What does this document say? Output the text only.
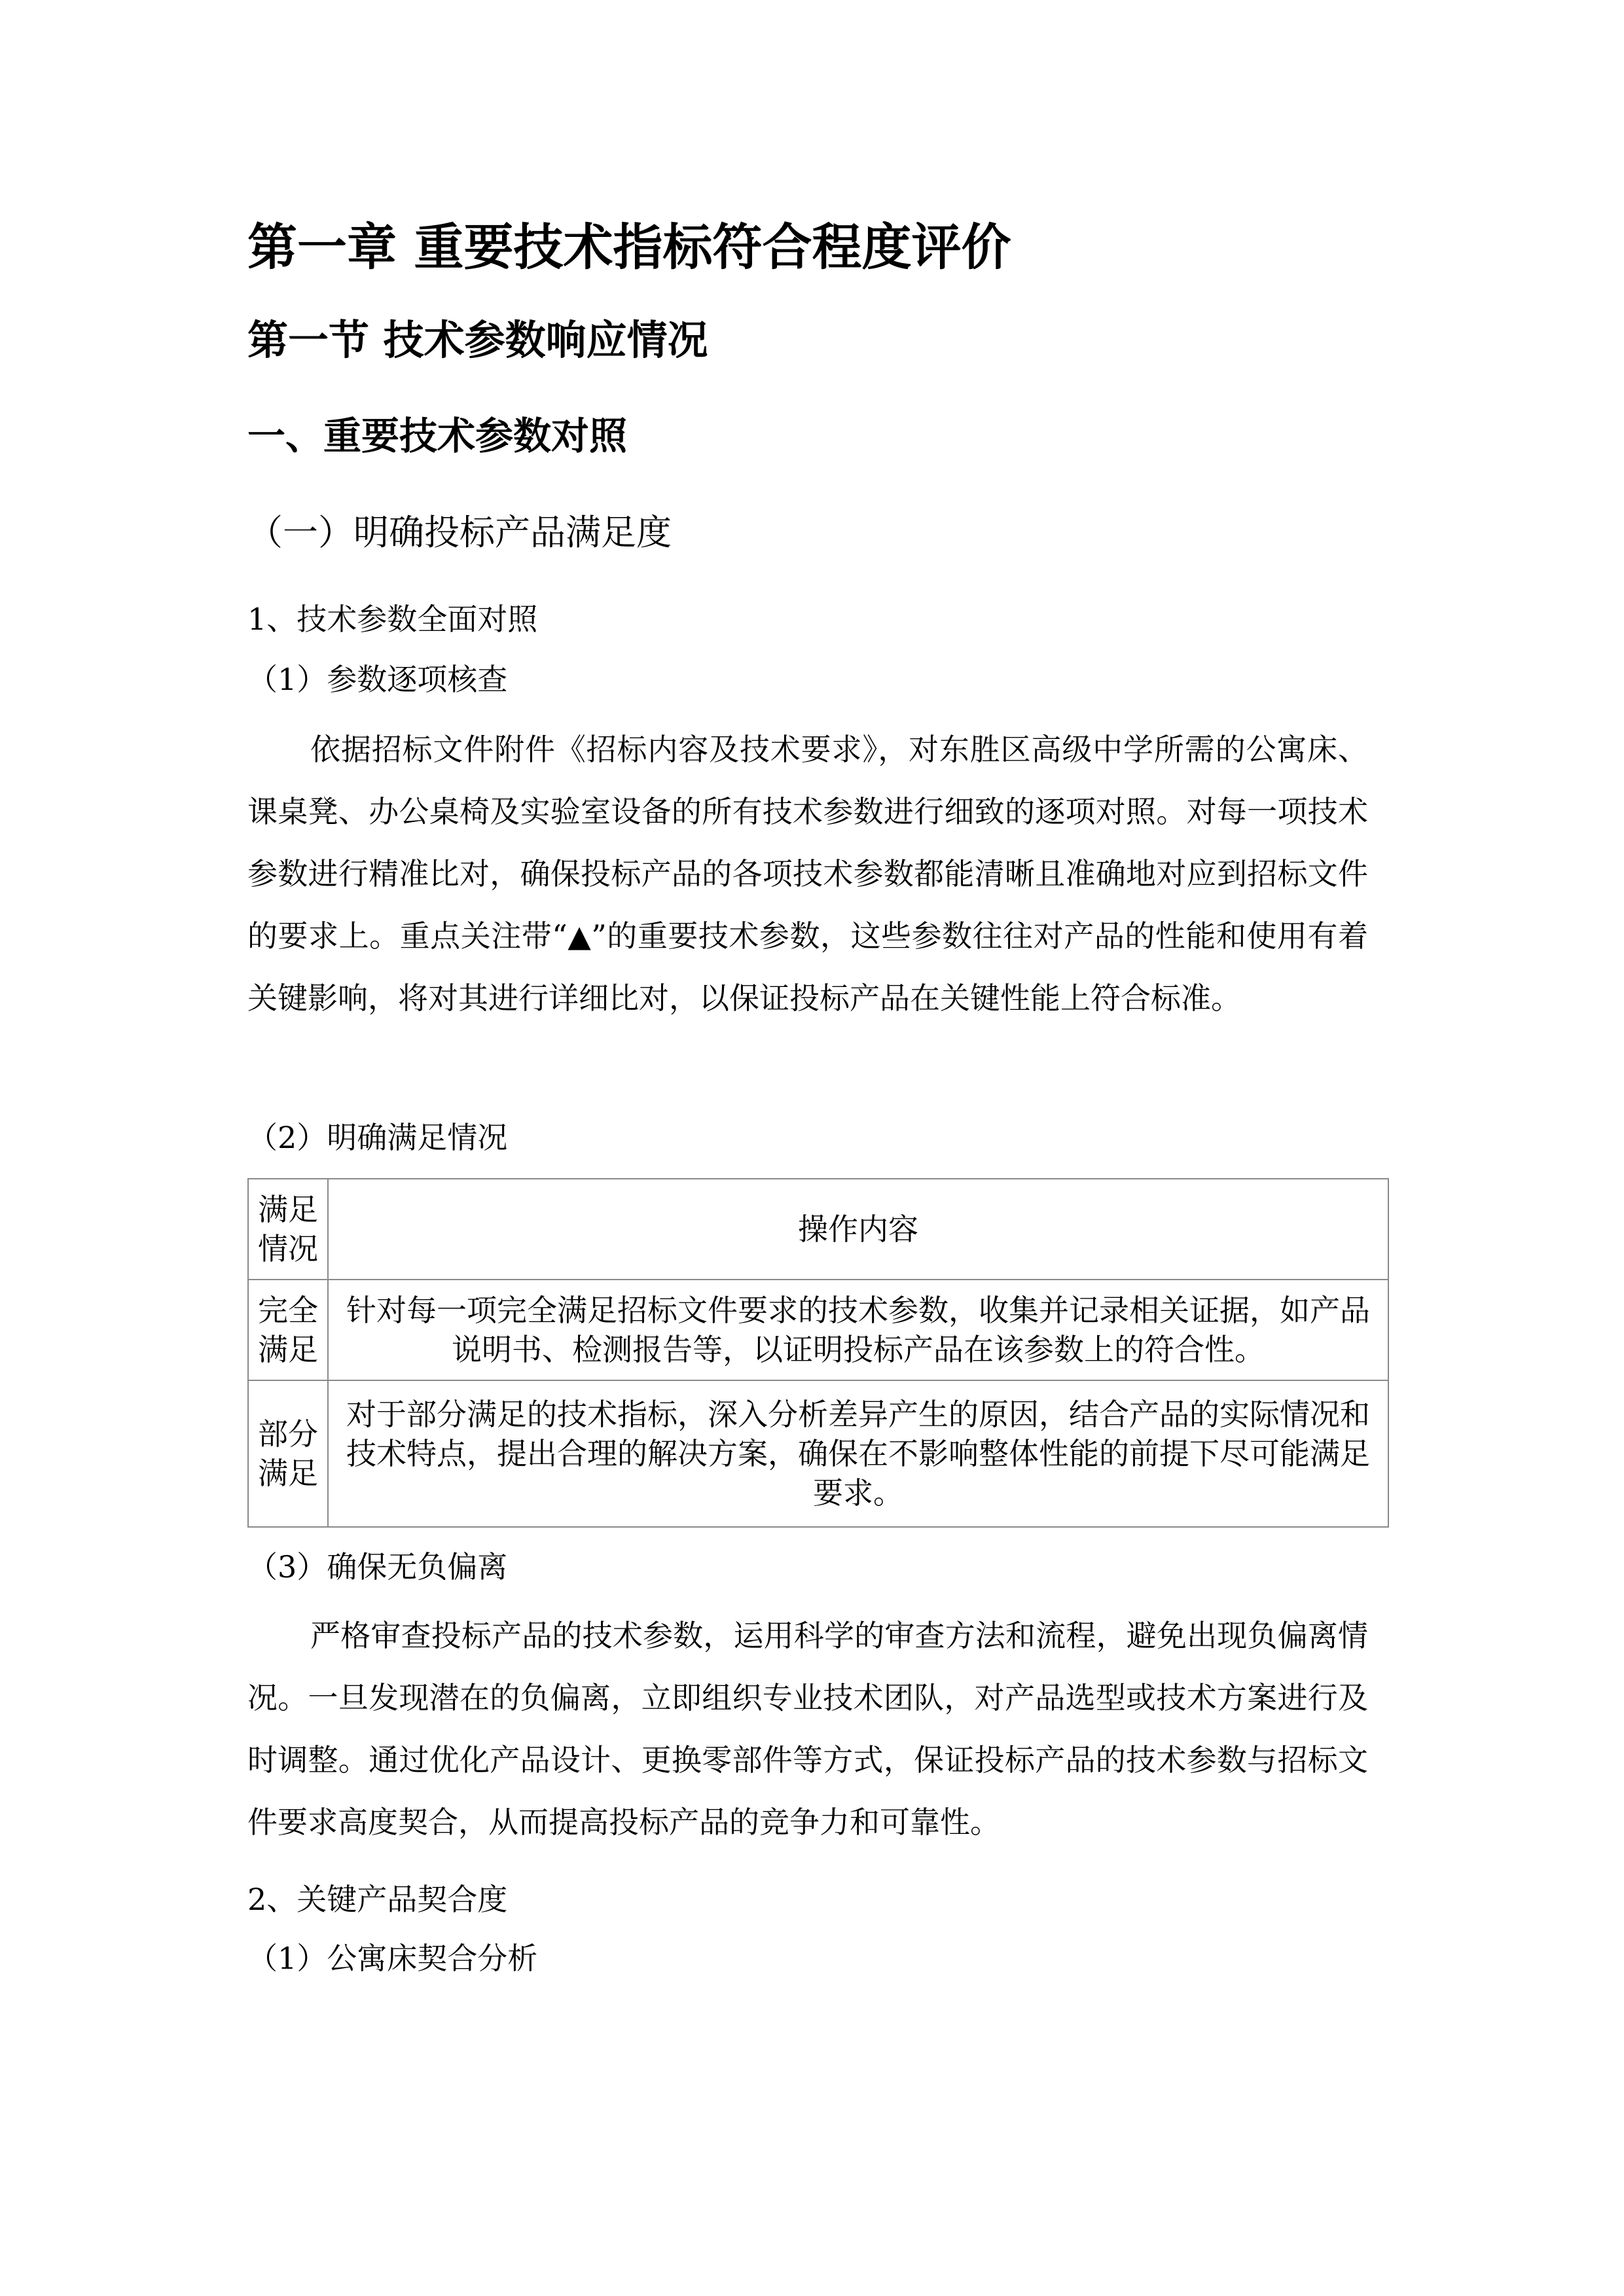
第一章 重要技术指标符合程度评价
第一节 技术参数响应情况
一、重要技术参数对照
（一）明确投标产品满足度
1、技术参数全面对照
（1）参数逐项核查

依据招标文件附件《招标内容及技术要求》，对东胜区高级中学所需的公寓床、课桌凳、办公桌椅及实验室设备的所有技术参数进行细致的逐项对照。对每一项技术参数进行精准比对，确保投标产品的各项技术参数都能清晰且准确地对应到招标文件的要求上。重点关注带“▲”的重要技术参数，这些参数往往对产品的性能和使用有着关键影响，将对其进行详细比对，以保证投标产品在关键性能上符合标准。

（2）明确满足情况
满足情况	操作内容
完全满足	针对每一项完全满足招标文件要求的技术参数，收集并记录相关证据，如产品说明书、检测报告等，以证明投标产品在该参数上的符合性。
部分满足	对于部分满足的技术指标，深入分析差异产生的原因，结合产品的实际情况和技术特点，提出合理的解决方案，确保在不影响整体性能的前提下尽可能满足要求。
（3）确保无负偏离

严格审查投标产品的技术参数，运用科学的审查方法和流程，避免出现负偏离情况。一旦发现潜在的负偏离，立即组织专业技术团队，对产品选型或技术方案进行及时调整。通过优化产品设计、更换零部件等方式，保证投标产品的技术参数与招标文件要求高度契合，从而提高投标产品的竞争力和可靠性。

2、关键产品契合度
（1）公寓床契合分析
